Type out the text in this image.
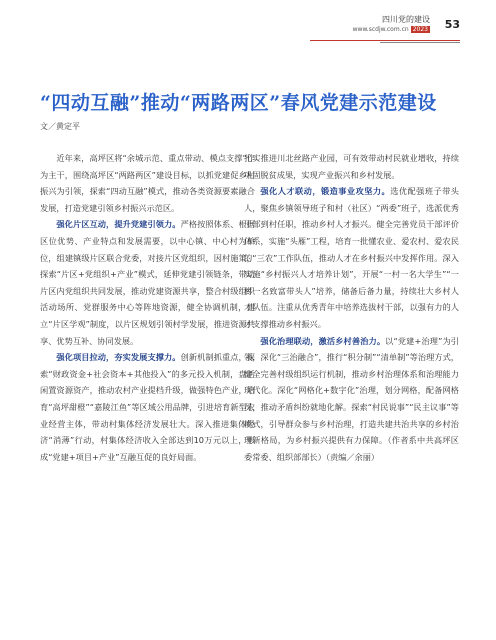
四川党的建设
www.scdjw.com.cn 2023 53
“四动互融”推动“两路两区”春风党建示范建设
文／黄定平

近年来，高坪区将“余城示范、重点带动、模点支撑”作为主干，围绕高坪区“两路两区”建设目标，以抓党建促乡村振兴为引领，探索“四动互融”模式，推动各类资源要素融合发展，打造党建引领乡村振兴示范区。

强化片区互动，提升党建引领力。严格按照体系、根据区位优势、产业特点和发展需要，以中心镇、中心村为单位，组建镇级片区联合党委，对接片区党组织，因村施策，探索“片区+党组织+产业”模式，延伸党建引领链条，带动片区内党组织共同发展，推动党建资源共享，整合村级组织活动场所、党群服务中心等阵地资源，健全协调机制，建立“片区学观”制度，以片区规划引领村学发展，推进资源共享、优势互补、协同发展。

强化项目拉动，夯实发展支撑力。创新机制抓重点，探索“财政资金+社会资本+其他投入”的多元投入机制，盘活闲置资源资产，推动农村产业提档升级，做强特色产业，培育“高坪甜橙”“嘉陵江鱼”等区域公用品牌，引进培育新型农业经营主体，带动村集体经济发展壮大。深入推进集体经济“消薄”行动，村集体经济收入全部达到10万元以上，形成“党建+项目+产业”互融互促的良好局面。

扎实推进川北丝路产业园，可有效带动村民就业增收，持续巩固脱贫成果，实现产业振兴和乡村发展。

强化人才联动，锻造事业攻坚力。选优配强班子带头人，聚焦乡镇领导班子和村（社区）“两委”班子，选派优秀干部到村任职，推动乡村人才振兴。健全完善党员干部评价体系，实施“头雁”工程，培育一批懂农业、爱农村、爱农民的“三农”工作队伍，推动人才在乡村振兴中发挥作用。深入实施“乡村振兴人才培养计划”，开展“一村一名大学生”“一村一名致富带头人”培养，储备后备力量，持续壮大乡村人才队伍。注重从优秀青年中培养选拔村干部，以强有力的人才支撑推动乡村振兴。

强化治理联动，激活乡村善治力。以“党建+治理”为引领，深化“三治融合”，推行“积分制”“清单制”等治理方式，健全完善村级组织运行机制，推动乡村治理体系和治理能力现代化。深化“网格化+数字化”治理，划分网格，配备网格员，推动矛盾纠纷就地化解。探索“村民说事”“民主议事”等模式，引导群众参与乡村治理，打造共建共治共享的乡村治理新格局，为乡村振兴提供有力保障。（作者系中共高坪区委常委、组织部部长）（责编／余丽）
